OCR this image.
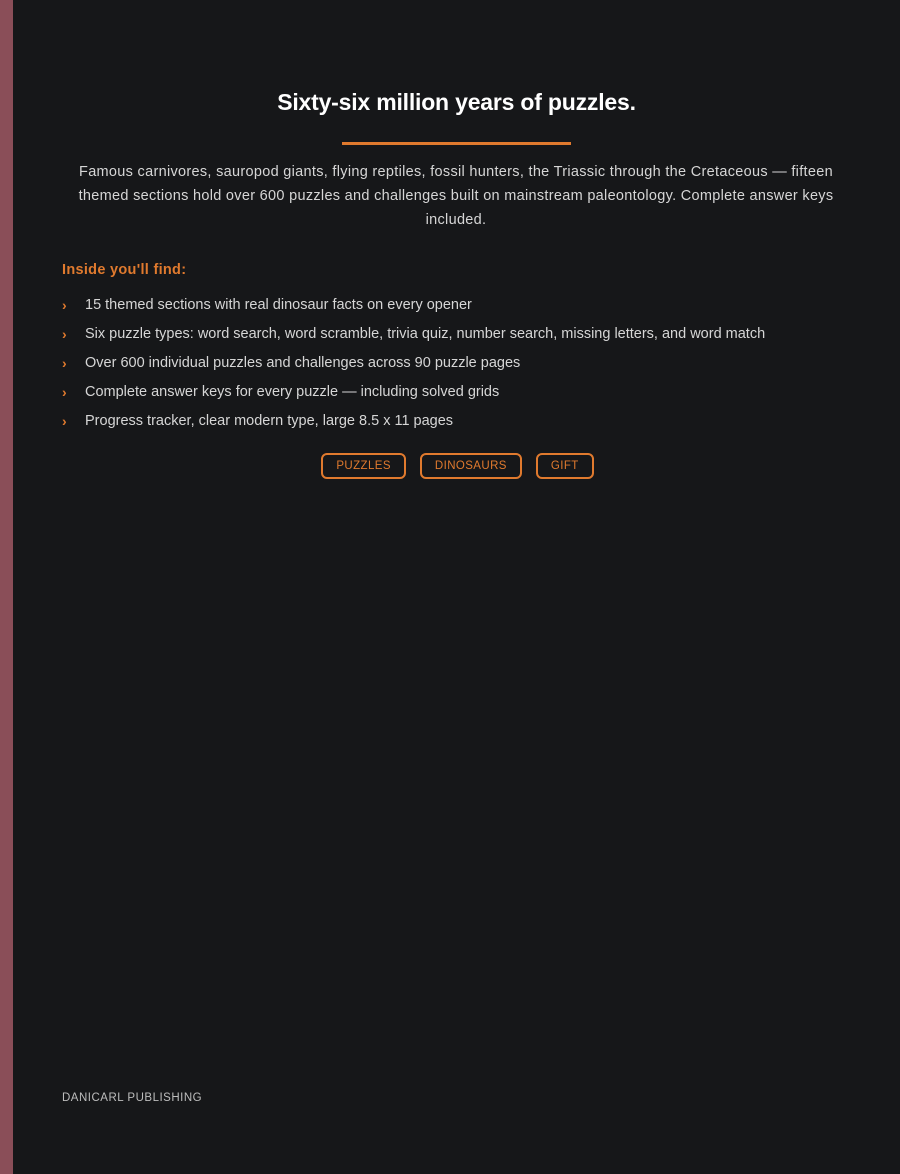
Sixty-six million years of puzzles.

Famous carnivores, sauropod giants, flying reptiles, fossil hunters, the Triassic through the Cretaceous — fifteen themed sections hold over 600 puzzles and challenges built on mainstream paleontology. Complete answer keys included.

Inside you'll find:

›	15 themed sections with real dinosaur facts on every opener
›	Six puzzle types: word search, word scramble, trivia quiz, number search, missing letters, and word match
›	Over 600 individual puzzles and challenges across 90 puzzle pages
›	Complete answer keys for every puzzle — including solved grids
›	Progress tracker, clear modern type, large 8.5 x 11 pages
PUZZLES	DINOSAURS	GIFT

DANICARL PUBLISHING
